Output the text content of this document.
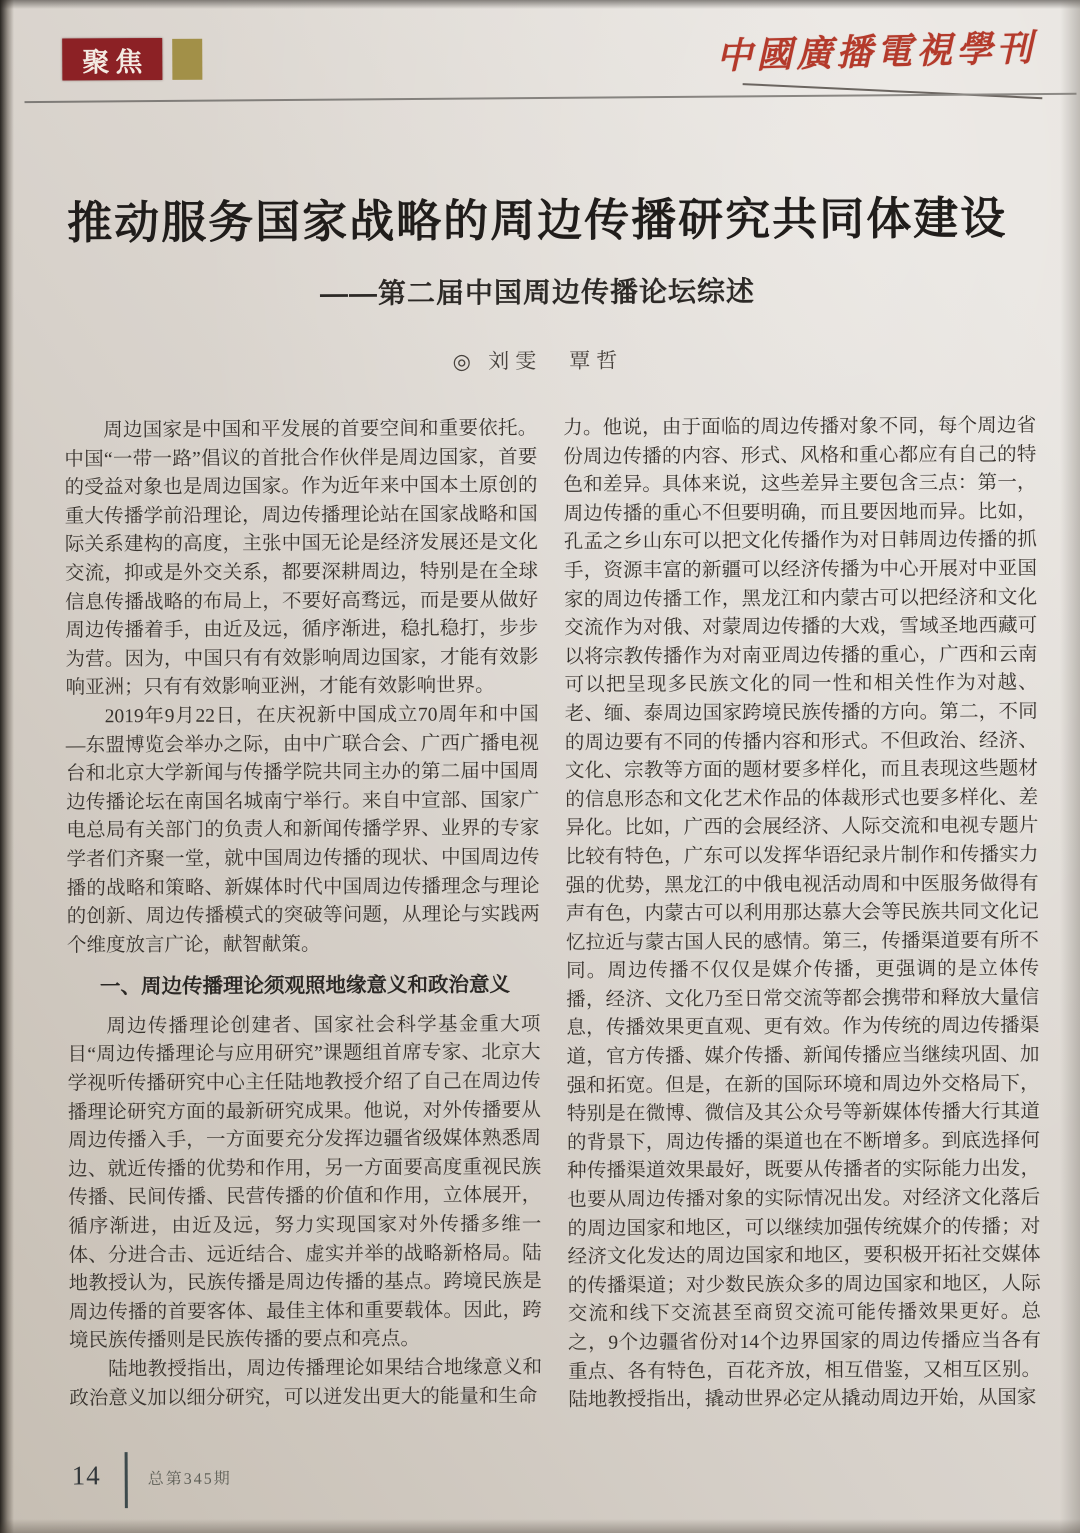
聚焦	中國廣播電視學刊
推动服务国家战略的周边传播研究共同体建设
——第二届中国周边传播论坛综述
◎ 刘雯　覃哲

周边国家是中国和平发展的首要空间和重要依托。中国“一带一路”倡议的首批合作伙伴是周边国家，首要的受益对象也是周边国家。作为近年来中国本土原创的重大传播学前沿理论，周边传播理论站在国家战略和国际关系建构的高度，主张中国无论是经济发展还是文化交流，抑或是外交关系，都要深耕周边，特别是在全球信息传播战略的布局上，不要好高骛远，而是要从做好周边传播着手，由近及远，循序渐进，稳扎稳打，步步为营。因为，中国只有有效影响周边国家，才能有效影响亚洲；只有有效影响亚洲，才能有效影响世界。

2019年9月22日，在庆祝新中国成立70周年和中国—东盟博览会举办之际，由中广联合会、广西广播电视台和北京大学新闻与传播学院共同主办的第二届中国周边传播论坛在南国名城南宁举行。来自中宣部、国家广电总局有关部门的负责人和新闻传播学界、业界的专家学者们齐聚一堂，就中国周边传播的现状、中国周边传播的战略和策略、新媒体时代中国周边传播理念与理论的创新、周边传播模式的突破等问题，从理论与实践两个维度放言广论，献智献策。

一、周边传播理论须观照地缘意义和政治意义

周边传播理论创建者、国家社会科学基金重大项目“周边传播理论与应用研究”课题组首席专家、北京大学视听传播研究中心主任陆地教授介绍了自己在周边传播理论研究方面的最新研究成果。他说，对外传播要从周边传播入手，一方面要充分发挥边疆省级媒体熟悉周边、就近传播的优势和作用，另一方面要高度重视民族传播、民间传播、民营传播的价值和作用，立体展开，循序渐进，由近及远，努力实现国家对外传播多维一体、分进合击、远近结合、虚实并举的战略新格局。陆地教授认为，民族传播是周边传播的基点。跨境民族是周边传播的首要客体、最佳主体和重要载体。因此，跨境民族传播则是民族传播的要点和亮点。

陆地教授指出，周边传播理论如果结合地缘意义和政治意义加以细分研究，可以迸发出更大的能量和生命

力。他说，由于面临的周边传播对象不同，每个周边省份周边传播的内容、形式、风格和重心都应有自己的特色和差异。具体来说，这些差异主要包含三点：第一，周边传播的重心不但要明确，而且要因地而异。比如，孔孟之乡山东可以把文化传播作为对日韩周边传播的抓手，资源丰富的新疆可以经济传播为中心开展对中亚国家的周边传播工作，黑龙江和内蒙古可以把经济和文化交流作为对俄、对蒙周边传播的大戏，雪域圣地西藏可以将宗教传播作为对南亚周边传播的重心，广西和云南可以把呈现多民族文化的同一性和相关性作为对越、老、缅、泰周边国家跨境民族传播的方向。第二，不同的周边要有不同的传播内容和形式。不但政治、经济、文化、宗教等方面的题材要多样化，而且表现这些题材的信息形态和文化艺术作品的体裁形式也要多样化、差异化。比如，广西的会展经济、人际交流和电视专题片比较有特色，广东可以发挥华语纪录片制作和传播实力强的优势，黑龙江的中俄电视活动周和中医服务做得有声有色，内蒙古可以利用那达慕大会等民族共同文化记忆拉近与蒙古国人民的感情。第三，传播渠道要有所不同。周边传播不仅仅是媒介传播，更强调的是立体传播，经济、文化乃至日常交流等都会携带和释放大量信息，传播效果更直观、更有效。作为传统的周边传播渠道，官方传播、媒介传播、新闻传播应当继续巩固、加强和拓宽。但是，在新的国际环境和周边外交格局下，特别是在微博、微信及其公众号等新媒体传播大行其道的背景下，周边传播的渠道也在不断增多。到底选择何种传播渠道效果最好，既要从传播者的实际能力出发，也要从周边传播对象的实际情况出发。对经济文化落后的周边国家和地区，可以继续加强传统媒介的传播；对经济文化发达的周边国家和地区，要积极开拓社交媒体的传播渠道；对少数民族众多的周边国家和地区，人际交流和线下交流甚至商贸交流可能传播效果更好。总之，9个边疆省份对14个边界国家的周边传播应当各有重点、各有特色，百花齐放，相互借鉴，又相互区别。陆地教授指出，撬动世界必定从撬动周边开始，从国家

14	总第345期
